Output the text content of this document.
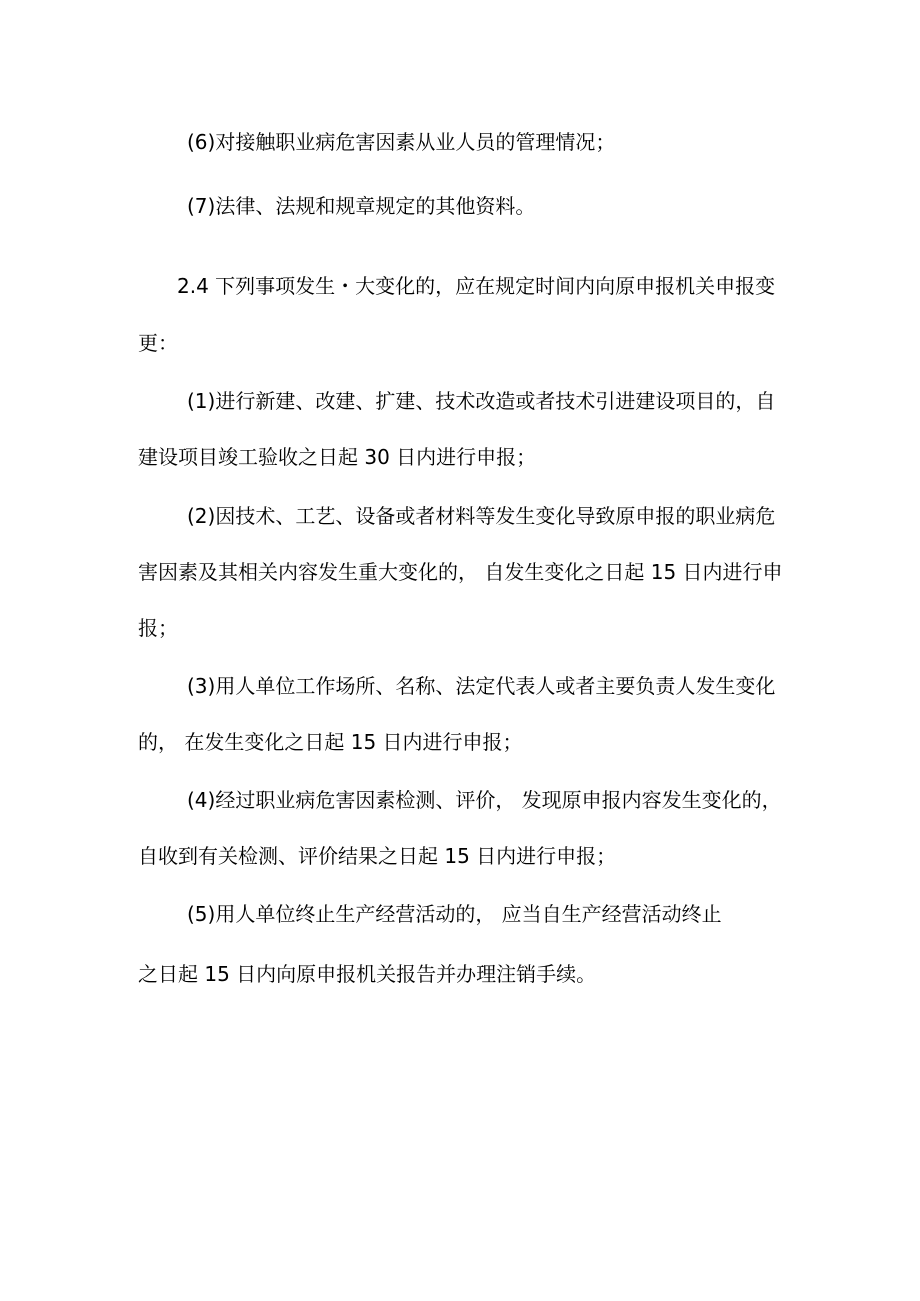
(6)对接触职业病危害因素从业人员的管理情况；

(7)法律、法规和规章规定的其他资料。

2.4 下列事项发生・大变化的，应在规定时间内向原申报机关申报变

更：

(1)进行新建、改建、扩建、技术改造或者技术引进建设项目的，自

建设项目竣工验收之日起 30 日内进行申报；

(2)因技术、工艺、设备或者材料等发生变化导致原申报的职业病危

害因素及其相关内容发生重大变化的， 自发生变化之日起 15 日内进行申

报；

(3)用人单位工作场所、名称、法定代表人或者主要负责人发生变化

的， 在发生变化之日起 15 日内进行申报；

(4)经过职业病危害因素检测、评价， 发现原申报内容发生变化的，

自收到有关检测、评价结果之日起 15 日内进行申报；

(5)用人单位终止生产经营活动的， 应当自生产经营活动终止

之日起 15 日内向原申报机关报告并办理注销手续。
